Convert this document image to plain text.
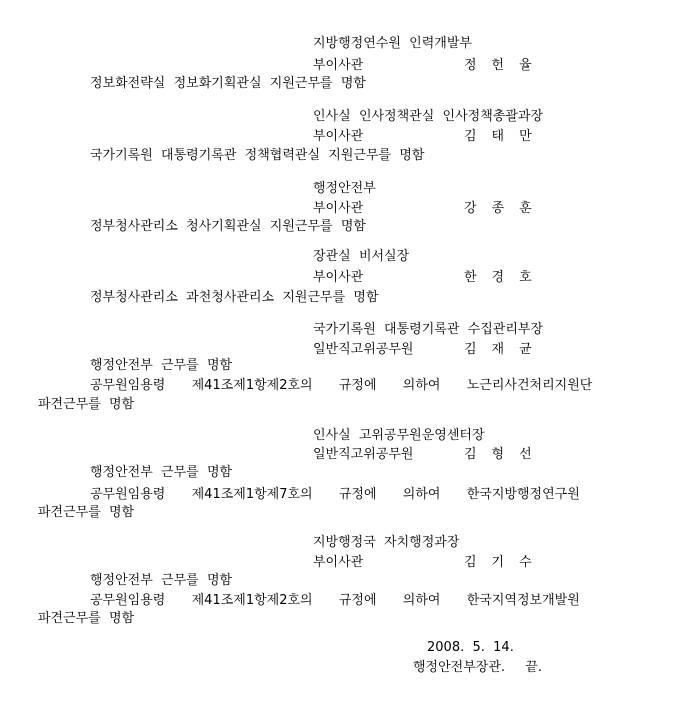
지방행정연수원  인력개발부
부이사관	정헌율
정보화전략실  정보화기획관실  지원근무를  명함
인사실  인사정책관실  인사정책총괄과장
부이사관	김태만
국가기록원  대통령기록관  정책협력관실  지원근무를  명함
행정안전부
부이사관	강종훈
정부청사관리소  청사기획관실  지원근무를  명함
장관실  비서실장
부이사관	한경호
정부청사관리소  과천청사관리소  지원근무를  명함
국가기록원  대통령기록관  수집관리부장
일반직고위공무원	김재균
행정안전부  근무를  명함
공무원임용령  제41조제1항제2호의  규정에  의하여  노근리사건처리지원단
파견근무를  명함
인사실  고위공무원운영센터장
일반직고위공무원	김형선
행정안전부  근무를  명함
공무원임용령  제41조제1항제7호의  규정에  의하여  한국지방행정연구원
파견근무를  명함
지방행정국  자치행정과장
부이사관	김기수
행정안전부  근무를  명함
공무원임용령  제41조제1항제2호의  규정에  의하여  한국지역정보개발원
파견근무를  명함
2008.  5.  14.
행정안전부장관.  끝.
